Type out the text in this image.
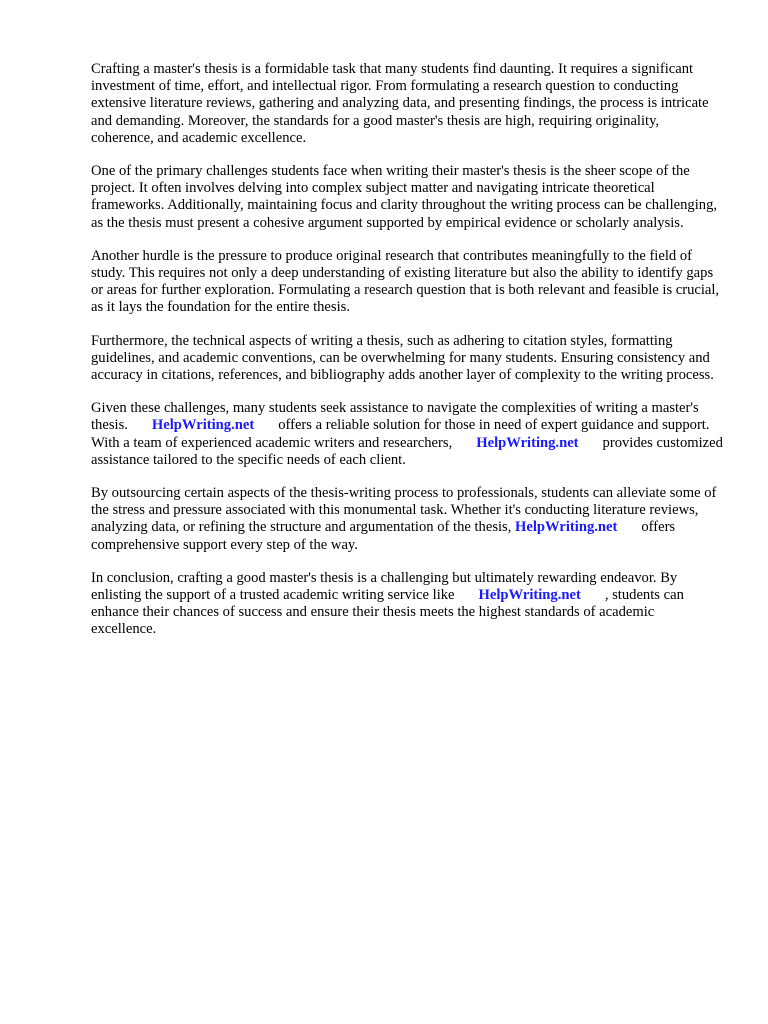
Crafting a master's thesis is a formidable task that many students find daunting. It requires a significant investment of time, effort, and intellectual rigor. From formulating a research question to conducting extensive literature reviews, gathering and analyzing data, and presenting findings, the process is intricate and demanding. Moreover, the standards for a good master's thesis are high, requiring originality, coherence, and academic excellence.

One of the primary challenges students face when writing their master's thesis is the sheer scope of the project. It often involves delving into complex subject matter and navigating intricate theoretical frameworks. Additionally, maintaining focus and clarity throughout the writing process can be challenging, as the thesis must present a cohesive argument supported by empirical evidence or scholarly analysis.

Another hurdle is the pressure to produce original research that contributes meaningfully to the field of study. This requires not only a deep understanding of existing literature but also the ability to identify gaps or areas for further exploration. Formulating a research question that is both relevant and feasible is crucial, as it lays the foundation for the entire thesis.

Furthermore, the technical aspects of writing a thesis, such as adhering to citation styles, formatting guidelines, and academic conventions, can be overwhelming for many students. Ensuring consistency and accuracy in citations, references, and bibliography adds another layer of complexity to the writing process.

Given these challenges, many students seek assistance to navigate the complexities of writing a master's thesis. HelpWriting.net offers a reliable solution for those in need of expert guidance and support. With a team of experienced academic writers and researchers, HelpWriting.net provides customized assistance tailored to the specific needs of each client.

By outsourcing certain aspects of the thesis-writing process to professionals, students can alleviate some of the stress and pressure associated with this monumental task. Whether it's conducting literature reviews, analyzing data, or refining the structure and argumentation of the thesis, HelpWriting.net offers comprehensive support every step of the way.

In conclusion, crafting a good master's thesis is a challenging but ultimately rewarding endeavor. By enlisting the support of a trusted academic writing service like HelpWriting.net , students can enhance their chances of success and ensure their thesis meets the highest standards of academic excellence.
